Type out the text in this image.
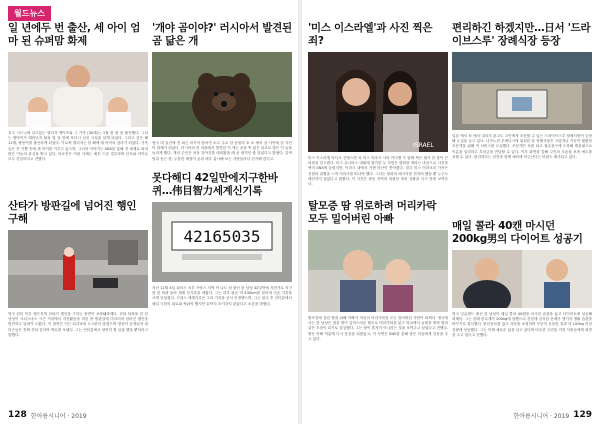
월드뉴스
일 년에두 번 출산, 세 아이 엄마 된 슈퍼맘 화제
호주 시드니에 살고있는 엘리자 케이츠와 그 가족 (30세)는 1월 첫 딸 을 출산했다. 그녀는 딸아이가 태어난지 불과 몇 달 만에 또다시 임신 사실을 알게 되었다. 그리고 같은 해 11월, 쌍둥이를 출산하게 되었다. 이로써 엘리자는 한 해에 세 아이의 엄마가 되었다. 가족들은 큰 기쁨 속에 세 아이를 키우고 있으며, 그녀의 이야기는 SNS를 통해 전 세계로 퍼져 많은 이들의 관심을 받고 있다. 의료진은 이런 사례는 매우 드문 경우라며 산모와 아이들 모두 건강하다고 전했다.
산타가 방판길에 넘어진 행인 구해
영국 런던 북부 캠든지역 산타가 행인을 구하는 장면이 포착돼화제다. 산타 복장을 한 한 남성이 크리스마스 시즌 거리에서 자선활동을 하던 중 빙판길에 미끄러져 넘어진 행인을 발견하고 달려가 도왔다. 이 장면은 인근 CCTV에 고스란히 담겼으며 영상이 공개되자 네티즌들은 진짜 산타 같다며 박수를 보냈다. 그는 인터뷰에서 당연히 할 일을 했을 뿐이라고 말했다.
'개야 곰이야?' 러시아서 발견된 곰 닮은 개
영국 대 일간에 전 최근 러시아 캄차카 소도 주로 한 동물의 호 소 에서 곰 사이에 겉 사진이 화제가 되었다. 러시아의 한 마을에서 발견된 이 개는 곰을 똑 닮은 외모로 많은 이 들을 놀라게 했다. 개의 주인은 처음 강아지를 데려왔을 때 곰 새끼인 줄 알았다고 밝혔다. 갈색 털과 둥근 귀, 두툼한 체형이 곰과 매우 흡사해 보는 사람들마다 신기해 한다고.
못다해디 42일만에지구한바퀴…伟目智力세계신기록
42165035
지난 11월 4일 피터스 서부 프랑스 지역 이 나트 섬 출신 한 남성 42일만에 자전거로 지구를 한 바퀴 돌아 세계 신기록을 세웠다. 그는 하루 평균 약 430km를 달리며 기존 기록을 크게 앞당겼다. 기네스 세계기록은 그의 기록을 공식 인정했으며, 그는 완주 후 인터뷰에서 매일 극한의 피로와 싸워야 했지만 끝까지 포기하지 않았다고 소감을 밝혔다.
128 한아름시니어 · 2019
'미스 이스라엘'과 사진 찍은 죄?
ISRAEL
미스 이스라엘 아다르 간델스만 과 미스 이라크 사라 이디엔 가 함께 찍은 셀카 한 장이 큰 파장을 일으켰다. 미스 유니버스 대회에 참가한 두 사람은 평화를 바라는 마음으로 사진을 찍어 SNS에 올렸지만, 이라크 내에서 거센 비난이 쏟아졌다. 결국 미스 이라크의 가족은 신변의 위협을 느껴 이라크를 떠나야 했다. 그녀는 평화의 메시지를 전하려 했을 뿐 누구도 배신하지 않았다고 밝혔다. 이 사건은 중동 지역의 복잡한 정치 상황을 다시 한번 보여준다.
탈모증 땀 위로하려 머리카락 모두 밀어버린 아빠
탈모증에 걸린 딸을 위해 아빠가 자신의 머리카락을 모두 밀어버린 사연이 화제다. 영국에 사는 한 남성은 열살 딸이 갑작스러운 탈모로 머리카락을 잃고 학교에서 놀림을 받자 딸과 같은 모습이 되기로 결심했다. 그는 딸이 혼자가 아니라는 것을 보여주고 싶었다고 전했다. 딸은 아빠 덕분에 다시 웃음을 되찾았고, 이 사연은 SNS를 통해 많은 이들에게 감동을 주고 있다.
편리하긴 하겠지만…日서 '드라이브스루' 장례식장 등장
일본 에서 차 에서 내리지 않고도 고인에게 조문할 수 있는 드라이브스루 장례식장이 등장해 눈길을 끌고 있다. 나가노현 우에다시에 위치한 한 장례식장은 고령자나 거동이 불편한 조문객을 위해 이 서비스를 도입했다. 조문객은 차를 타고 접수창구에 도착해 태블릿으로 이름을 입력하고 부의금을 전달할 수 있다. 이후 화면을 통해 고인의 모습을 보며 애도를 표할 수 있다. 편리하다는 의견과 함께 예의에 어긋난다는 비판도 제기되고 있다.
매일 콜라 40캔 마시던 200kg男의 다이어트 성공기
영국 잉글랜드 출신 한 남성이 매일 콜라 40캔을 마시던 습관을 끊고 다이어트에 성공해 화제다. 그는 한때 몸무게가 200kg에 달했으나 건강에 심각한 문제가 생기자 생활 습관을 바꾸기로 결심했다. 탄산음료를 끊고 식단을 조절하며 꾸준히 운동한 결과 약 100kg 이상 감량에 성공했다. 그는 이제 새로운 삶을 살고 있다며 비슷한 고민을 가진 사람들에게 희망을 주고 싶다고 전했다.
한아름시니어 · 2019 129
